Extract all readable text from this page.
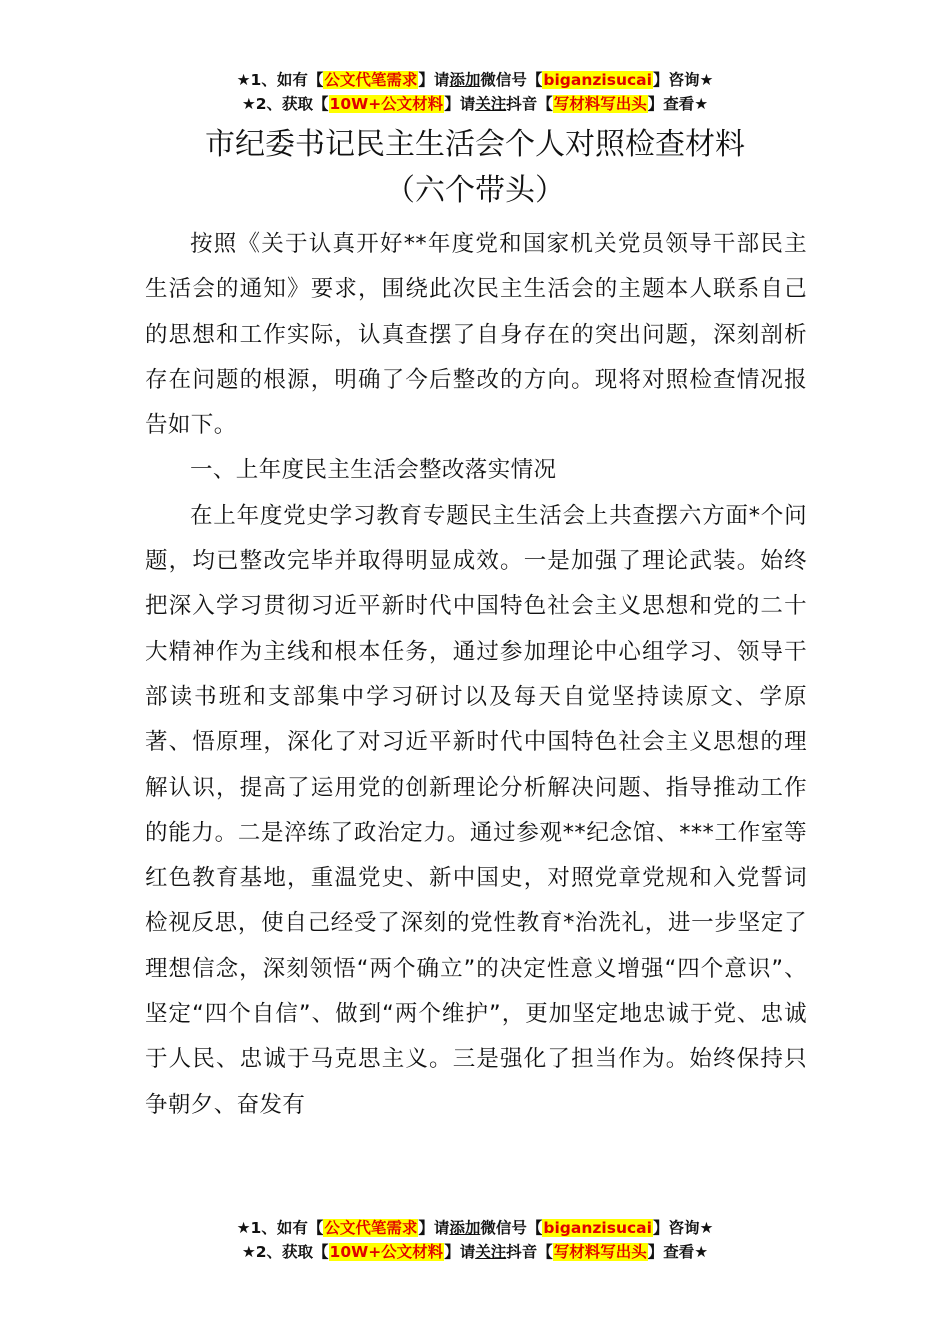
★1、如有【公文代笔需求】请添加微信号【biganzisucai】咨询★
★2、获取【10W+公文材料】请关注抖音【写材料写出头】查看★
市纪委书记民主生活会个人对照检查材料
（六个带头）

按照《关于认真开好**年度党和国家机关党员领导干部民主生活会的通知》要求，围绕此次民主生活会的主题本人联系自己的思想和工作实际，认真查摆了自身存在的突出问题，深刻剖析存在问题的根源，明确了今后整改的方向。现将对照检查情况报告如下。

一、上年度民主生活会整改落实情况

在上年度党史学习教育专题民主生活会上共查摆六方面*个问题，均已整改完毕并取得明显成效。一是加强了理论武装。始终把深入学习贯彻习近平新时代中国特色社会主义思想和党的二十大精神作为主线和根本任务，通过参加理论中心组学习、领导干部读书班和支部集中学习研讨以及每天自觉坚持读原文、学原著、悟原理，深化了对习近平新时代中国特色社会主义思想的理解认识，提高了运用党的创新理论分析解决问题、指导推动工作的能力。二是淬练了政治定力。通过参观**纪念馆、***工作室等红色教育基地，重温党史、新中国史，对照党章党规和入党誓词检视反思，使自己经受了深刻的党性教育*治洗礼，进一步坚定了理想信念，深刻领悟“两个确立”的决定性意义增强“四个意识”、坚定“四个自信”、做到“两个维护”，更加坚定地忠诚于党、忠诚于人民、忠诚于马克思主义。三是强化了担当作为。始终保持只争朝夕、奋发有

★1、如有【公文代笔需求】请添加微信号【biganzisucai】咨询★
★2、获取【10W+公文材料】请关注抖音【写材料写出头】查看★
